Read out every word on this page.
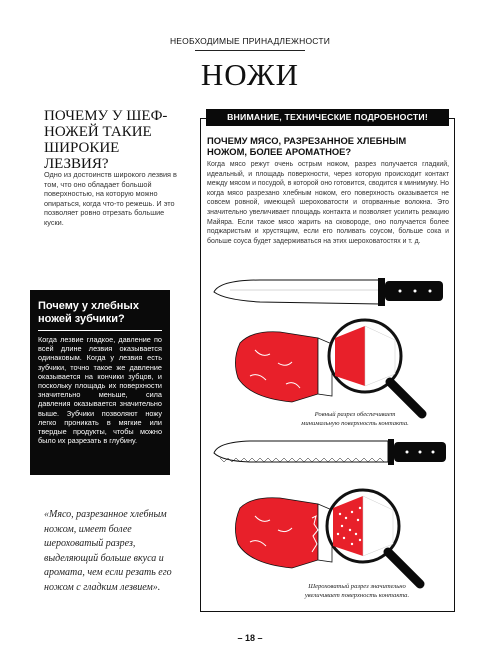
НЕОБХОДИМЫЕ ПРИНАДЛЕЖНОСТИ
НОЖИ
ПОЧЕМУ У ШЕФ-НОЖЕЙ ТАКИЕ ШИРОКИЕ ЛЕЗВИЯ?
Одно из достоинств широкого лезвия в том, что оно обладает большой поверхностью, на которую можно опираться, когда что-то режешь. И это позволяет ровно отрезать большие куски.
Почему у хлебных ножей зубчики?
Когда лезвие гладкое, давление по всей длине лезвия оказывается одинаковым. Когда у лезвия есть зубчики, точно такое же давление оказывается на кончики зубцов, и поскольку площадь их поверхности значительно меньше, сила давления оказывается значительно выше. Зубчики позволяют ножу легко проникать в мягкие или твердые продукты, чтобы можно было их разрезать в глубину.
«Мясо, разрезанное хлебным ножом, имеет более шероховатый разрез, выделяющий больше вкуса и аромата, чем если резать его ножом с гладким лезвием».
ВНИМАНИЕ, ТЕХНИЧЕСКИЕ ПОДРОБНОСТИ!
ПОЧЕМУ МЯСО, РАЗРЕЗАННОЕ ХЛЕБНЫМ НОЖОМ, БОЛЕЕ АРОМАТНОЕ?
Когда мясо режут очень острым ножом, разрез получается гладкий, идеальный, и площадь поверхности, через которую происходит контакт между мясом и посудой, в которой оно готовится, сводится к минимуму. Но когда мясо разрезано хлебным ножом, его поверхность оказывается не совсем ровной, имеющей шероховатости и оторванные волокна. Это значительно увеличивает площадь контакта и позволяет усилить реакцию Майяра. Если такое мясо жарить на сковороде, оно получается более поджаристым и хрустящим, если его поливать соусом, больше сока и больше соуса будет задерживаться на этих шероховатостях и т. д.
Ровный разрез обеспечивает минимальную поверхность контакта.
Шероховатый разрез значительно увеличивает поверхность контакта.
– 18 –
